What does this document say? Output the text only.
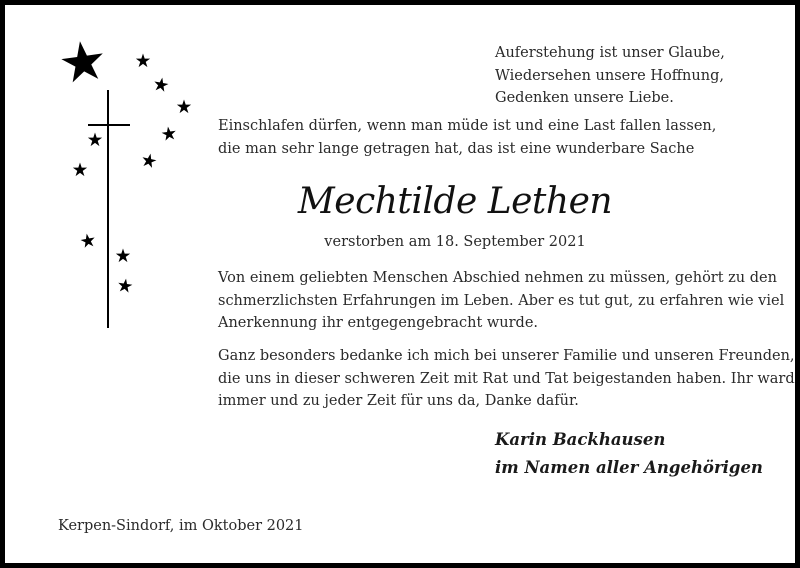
Auferstehung ist unser Glaube,
Wiedersehen unsere Hoffnung,
Gedenken unsere Liebe.
Einschlafen dürfen, wenn man müde ist und eine Last fallen lassen,
die man sehr lange getragen hat, das ist eine wunderbare Sache
Mechtilde Lethen
verstorben am 18. September 2021
Von einem geliebten Menschen Abschied nehmen zu müssen, gehört zu den
schmerzlichsten Erfahrungen im Leben. Aber es tut gut, zu erfahren wie viel
Anerkennung ihr entgegengebracht wurde.
Ganz besonders bedanke ich mich bei unserer Familie und unseren Freunden,
die uns in dieser schweren Zeit mit Rat und Tat beigestanden haben. Ihr ward
immer und zu jeder Zeit für uns da, Danke dafür.
Karin Backhausen
im Namen aller Angehörigen
Kerpen-Sindorf, im Oktober 2021
